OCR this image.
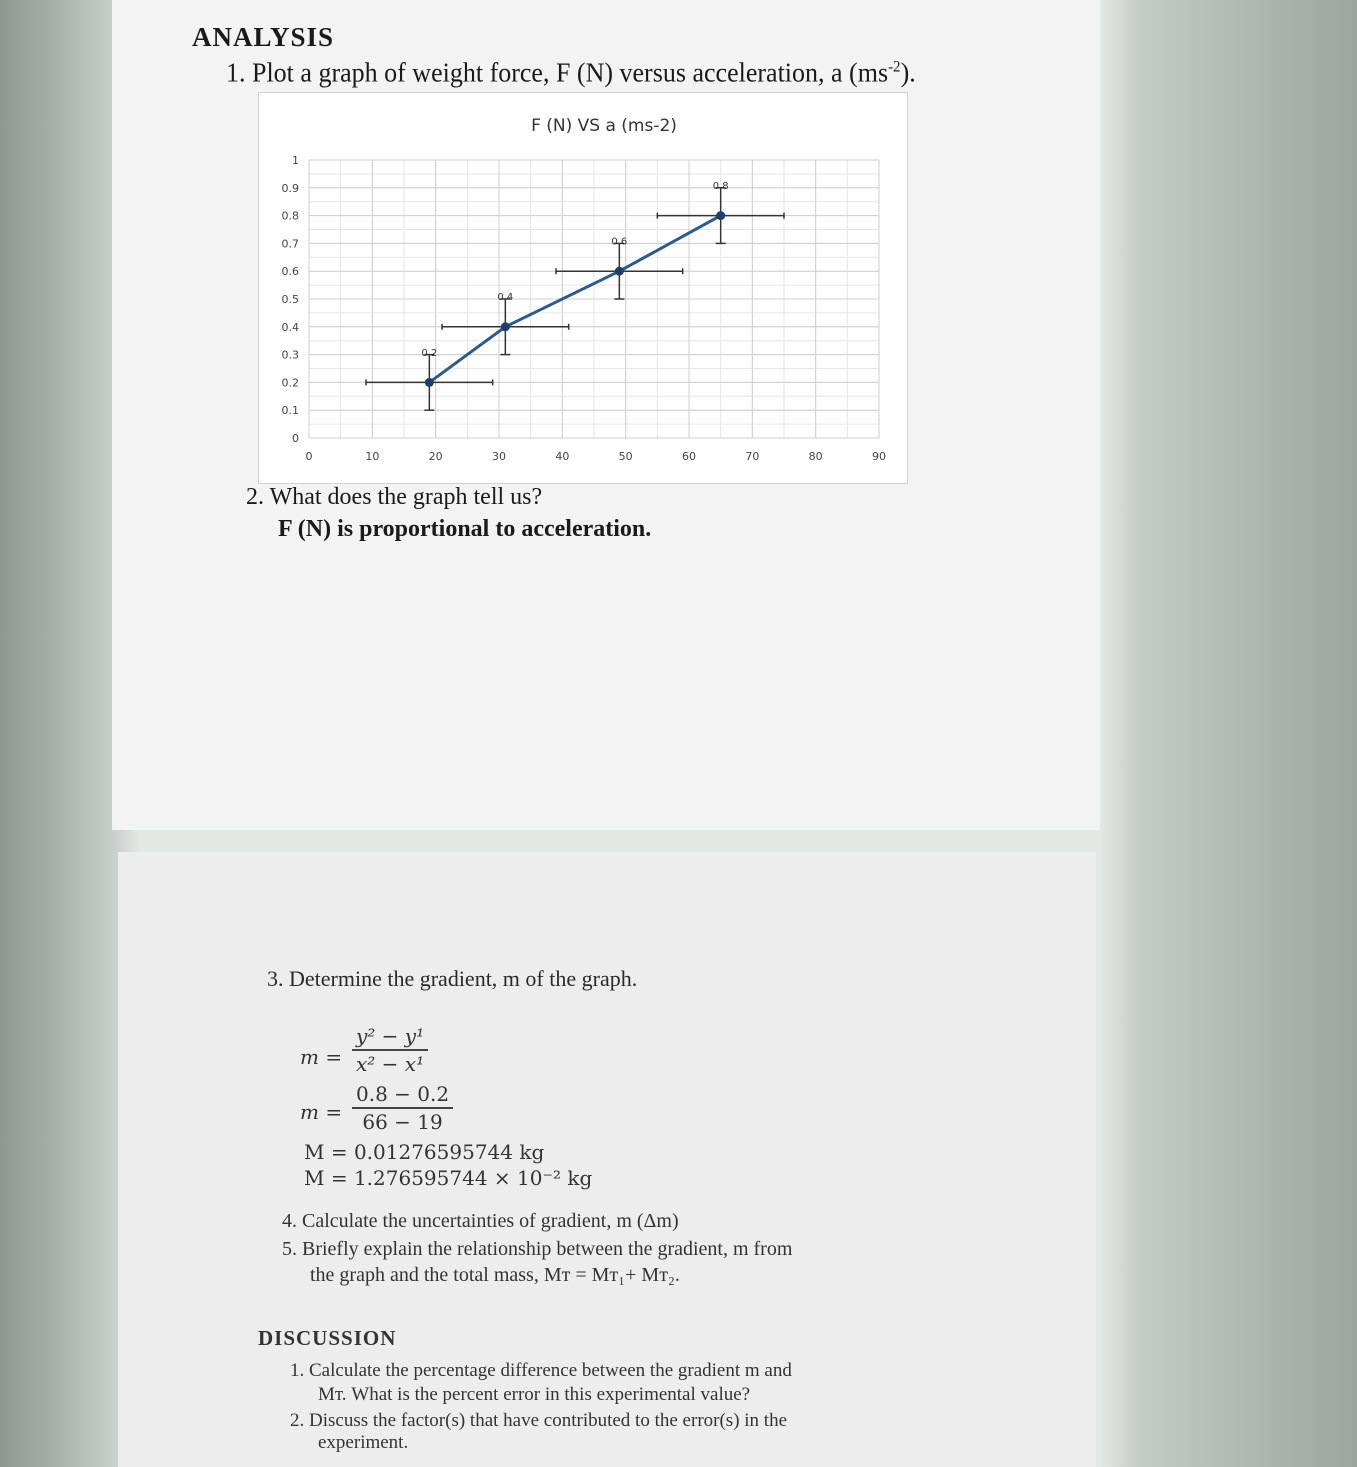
ANALYSIS
1. Plot a graph of weight force, F (N) versus acceleration, a $(ms^{-2})$.
F (N) VS a (ms-2)
0	10	20	30	40	50	60	70	80	90
0
0.1
0.2
0.3
0.4
0.5
0.6
0.7
0.8
0.9
1
0.2
0.4
0.6
0.8
2. What does the graph tell us?
F (N) is proportional to acceleration.
3. Determine the gradient, m of the graph.
$m = \frac{\text{y² − y¹}}{\text{x² − x¹}}$
$m = \frac{0.8 - 0.2}{66 - 19}$
M = 0.01276595744 kg
M = 1.276595744 × 10⁻² kg
4. Calculate the uncertainties of gradient, m (Δm)
5. Briefly explain the relationship between the gradient, m from
the graph and the total mass, Mт = Mт₁+ Mт₂.
DISCUSSION
1. Calculate the percentage difference between the gradient m and
Mт. What is the percent error in this experimental value?
2. Discuss the factor(s) that have contributed to the error(s) in the
experiment.
